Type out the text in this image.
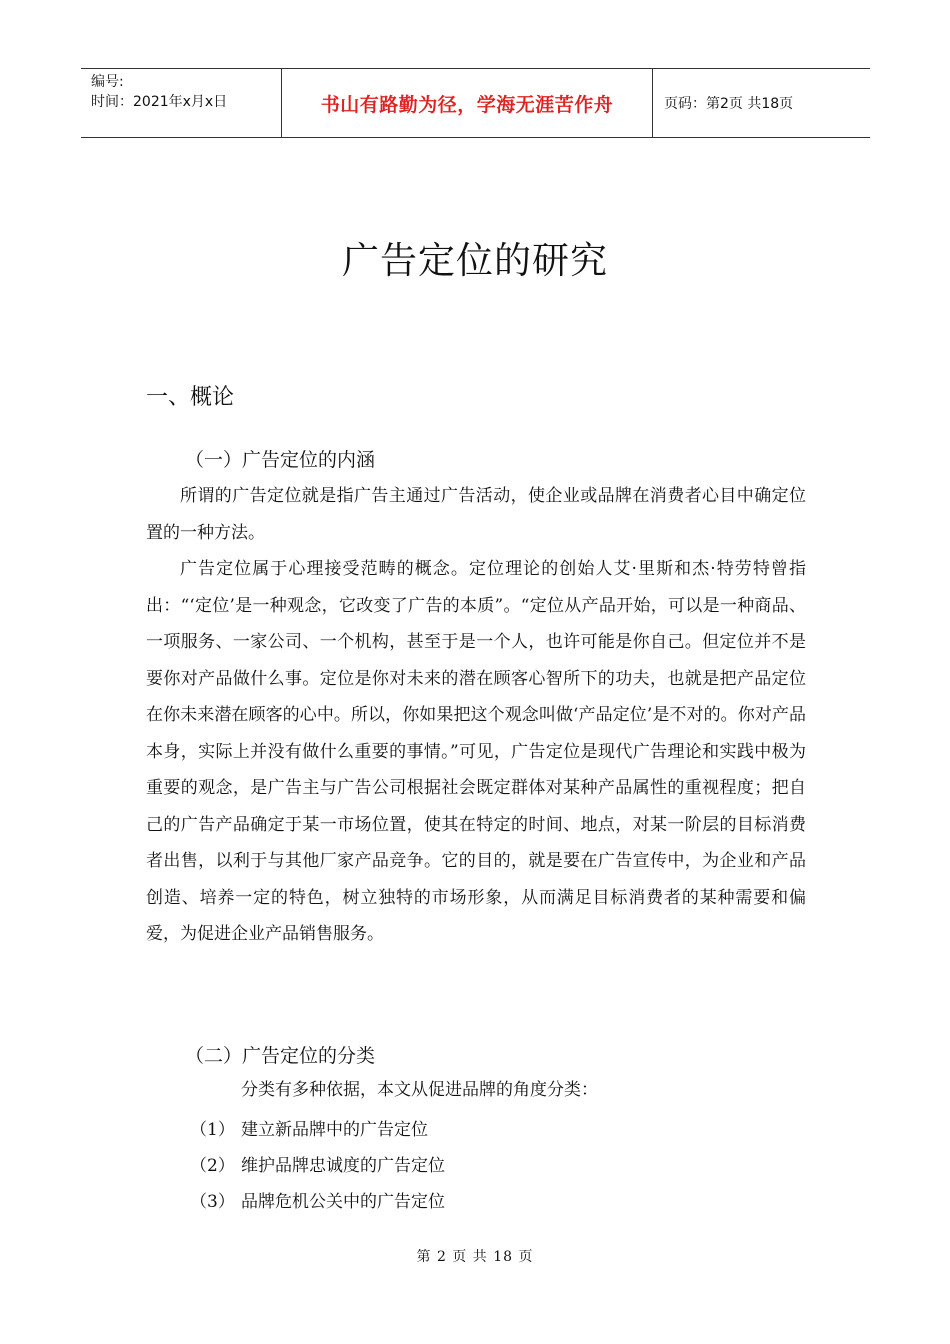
编号:
时间：2021年x月x日	书山有路勤为径，学海无涯苦作舟	页码：第2页 共18页
广告定位的研究
一、概论
（一）广告定位的内涵

所谓的广告定位就是指广告主通过广告活动，使企业或品牌在消费者心目中确定位置的一种方法。

广告定位属于心理接受范畴的概念。定位理论的创始人艾·里斯和杰·特劳特曾指出：“‘定位’是一种观念，它改变了广告的本质”。“定位从产品开始，可以是一种商品、一项服务、一家公司、一个机构，甚至于是一个人，也许可能是你自己。但定位并不是要你对产品做什么事。定位是你对未来的潜在顾客心智所下的功夫，也就是把产品定位在你未来潜在顾客的心中。所以，你如果把这个观念叫做‘产品定位’是不对的。你对产品本身，实际上并没有做什么重要的事情。”可见，广告定位是现代广告理论和实践中极为重要的观念，是广告主与广告公司根据社会既定群体对某种产品属性的重视程度；把自己的广告产品确定于某一市场位置，使其在特定的时间、地点，对某一阶层的目标消费者出售，以利于与其他厂家产品竞争。它的目的，就是要在广告宣传中，为企业和产品创造、培养一定的特色，树立独特的市场形象，从而满足目标消费者的某种需要和偏爱，为促进企业产品销售服务。

（二）广告定位的分类
分类有多种依据，本文从促进品牌的角度分类：
（1） 建立新品牌中的广告定位
（2） 维护品牌忠诚度的广告定位
（3） 品牌危机公关中的广告定位
第 2 页 共 18 页
